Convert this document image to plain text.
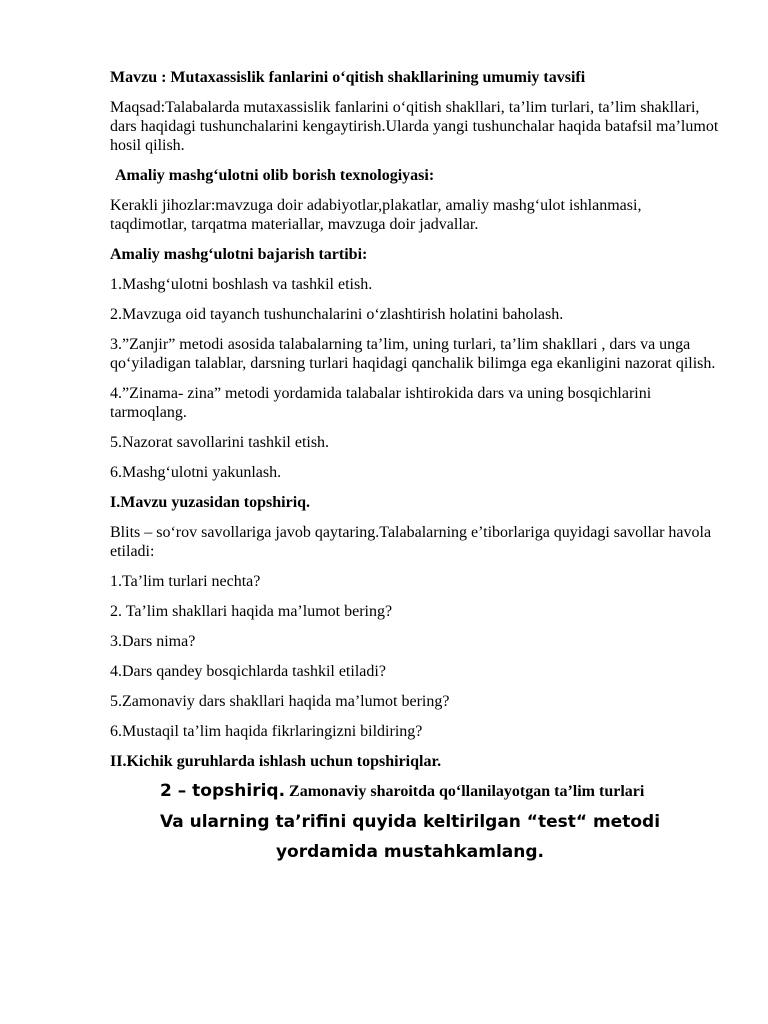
Mavzu : Mutaxassislik fanlarini o‘qitish shakllarining umumiy tavsifi

Maqsad:Talabalarda mutaxassislik fanlarini o‘qitish shakllari, ta’lim turlari, ta’lim shakllari, dars haqidagi tushunchalarini kengaytirish.Ularda yangi tushunchalar haqida batafsil ma’lumot hosil qilish.

Amaliy mashg‘ulotni olib borish texnologiyasi:

Kerakli jihozlar:mavzuga doir adabiyotlar,plakatlar, amaliy mashg‘ulot ishlanmasi, taqdimotlar, tarqatma materiallar, mavzuga doir jadvallar.

Amaliy mashg‘ulotni bajarish tartibi:

1.Mashg‘ulotni boshlash va tashkil etish.

2.Mavzuga oid tayanch tushunchalarini o‘zlashtirish holatini baholash.

3.”Zanjir” metodi asosida talabalarning ta’lim, uning turlari, ta’lim shakllari , dars va unga qo‘yiladigan talablar, darsning turlari haqidagi qanchalik bilimga ega ekanligini nazorat qilish.

4.”Zinama- zina” metodi yordamida talabalar ishtirokida dars va uning bosqichlarini tarmoqlang.

5.Nazorat savollarini tashkil etish.

6.Mashg‘ulotni yakunlash.

I.Mavzu yuzasidan topshiriq.

Blits – so‘rov savollariga javob qaytaring.Talabalarning e’tiborlariga quyidagi savollar havola etiladi:

1.Ta’lim turlari nechta?

2. Ta’lim shakllari haqida ma’lumot bering?

3.Dars nima?

4.Dars qandey bosqichlarda tashkil etiladi?

5.Zamonaviy dars shakllari haqida ma’lumot bering?

6.Mustaqil ta’lim haqida fikrlaringizni bildiring?

II.Kichik guruhlarda ishlash uchun topshiriqlar.

2 – topshiriq. Zamonaviy sharoitda qo‘llanilayotgan ta’lim turlari

Va ularning ta’rifini quyida keltirilgan “test“ metodi

yordamida mustahkamlang.
